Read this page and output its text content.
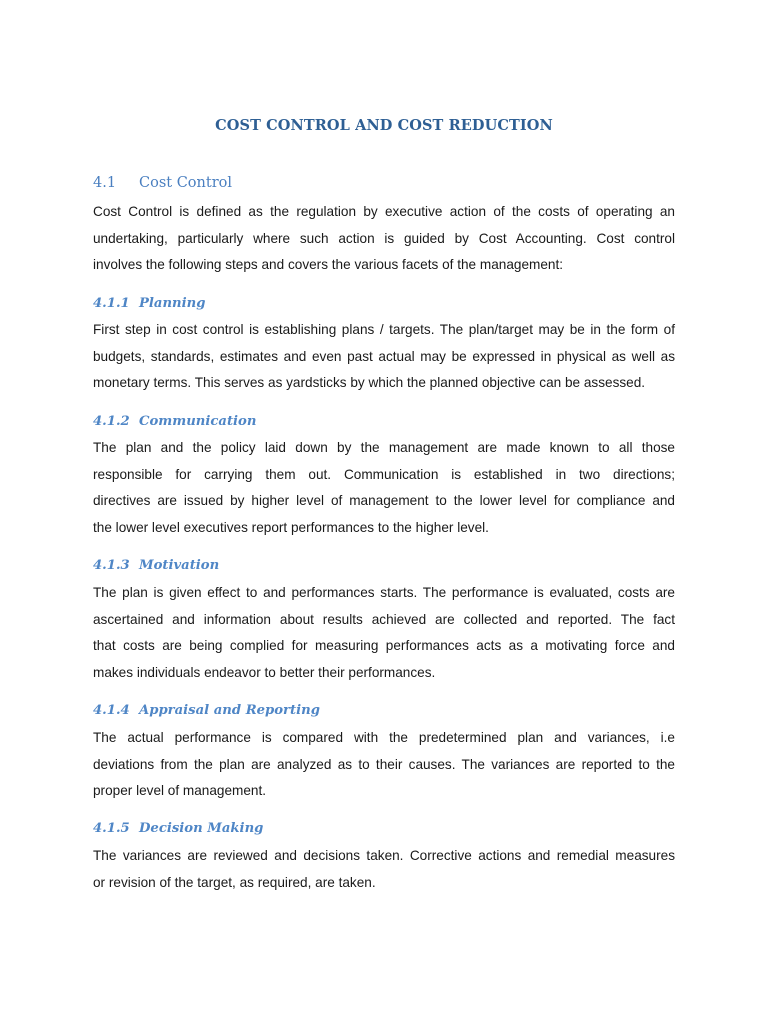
COST CONTROL AND COST REDUCTION
4.1 Cost Control
Cost Control is defined as the regulation by executive action of the costs of operating an
undertaking, particularly where such action is guided by Cost Accounting. Cost control
involves the following steps and covers the various facets of the management:
4.1.1 Planning
First step in cost control is establishing plans / targets. The plan/target may be in the form of
budgets, standards, estimates and even past actual may be expressed in physical as well as
monetary terms. This serves as yardsticks by which the planned objective can be assessed.
4.1.2 Communication
The plan and the policy laid down by the management are made known to all those
responsible for carrying them out. Communication is established in two directions;
directives are issued by higher level of management to the lower level for compliance and
the lower level executives report performances to the higher level.
4.1.3 Motivation
The plan is given effect to and performances starts. The performance is evaluated, costs are
ascertained and information about results achieved are collected and reported. The fact
that costs are being complied for measuring performances acts as a motivating force and
makes individuals endeavor to better their performances.
4.1.4 Appraisal and Reporting
The actual performance is compared with the predetermined plan and variances, i.e
deviations from the plan are analyzed as to their causes. The variances are reported to the
proper level of management.
4.1.5 Decision Making
The variances are reviewed and decisions taken. Corrective actions and remedial measures
or revision of the target, as required, are taken.
